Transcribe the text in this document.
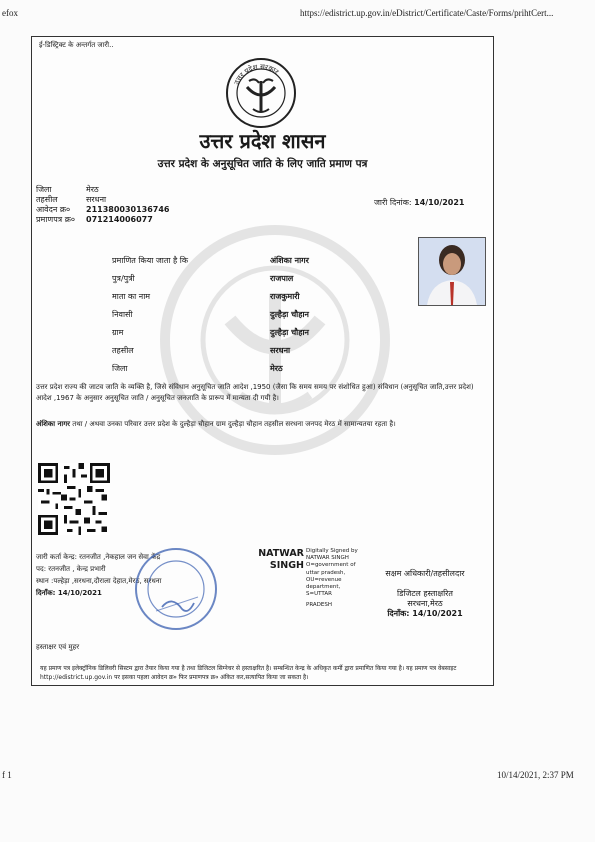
efox	https://edistrict.up.gov.in/eDistrict/Certificate/Caste/Forms/prihtCert...
ई-डिस्ट्रिक्ट के अन्तर्गत जारी..
उत्तर प्रदेश सरकार
उत्तर प्रदेश शासन
उत्तर प्रदेश के अनुसूचित जाति के लिए जाति प्रमाण पत्र
जिला	मेरठ
तहसील	सरधना
आवेदन क्र०	211380030136746
प्रमाणपत्र क्र०	071214006077
जारी दिनांक: 14/10/2021
प्रमाणित किया जाता है कि	अंशिका नागर
पुत्र/पुत्री	राजपाल
माता का नाम	राजकुमारी
निवासी	दुल्हैड़ा चौहान
ग्राम	दुल्हैड़ा चौहान
तहसील	सरधना
जिला	मेरठ
उत्तर प्रदेश राज्य की जाटव जाति के व्यक्ति है, जिसे संविधान अनुसूचित जाति आदेश ,1950 (जैसा कि समय समय पर संशोधित हुआ) संविधान (अनुसूचित जाति,उत्तर प्रदेश) आदेश ,1967 के अनुसार अनुसूचित जाति / अनुसूचित जनजाति के प्रारूप में मान्यता दी गयी है।
अंशिका नागर तथा / अथवा उनका परिवार उत्तर प्रदेश के दुल्हैड़ा चौहान ग्राम दुल्हैड़ा चौहान तहसील सरधना जनपद मेरठ में सामान्यतया रहता है।
जारी कर्ता केन्द्र: रतनजीत ,नेकहाल जन सेवा केंद्र
पद: रतनजीत , केन्द्र प्रभारी
स्थान :पल्हेड़ा ,सरधना,दौराला देहात,मेरठ, सरधना
दिनाँक: 14/10/2021
NATWAR
SINGH
Digitally Signed by
NATWAR SINGH
O=government of
uttar pradesh,
OU=revenue
department,
S=UTTAR
PRADESH
सक्षम अधिकारी/तहसीलदार
डिजिटल हस्ताक्षरित
सरधना,मेरठ
दिनाँक: 14/10/2021
हस्ताक्षर एवं मुहर
यह प्रमाण पत्र इलेक्ट्रॉनिक डिलिवरी सिस्टम द्वारा तैयार किया गया है तथा डिजिटल सिग्नेचर से हस्ताक्षरित है। सम्बन्धित केन्द्र के अधिकृत कर्मी द्वारा प्रमाणित किया गया है। यह प्रमाण पत्र वेबसाइट http://edistrict.up.gov.in पर इसका पहला आवेदन क्र० फिर प्रमाणपत्र क्र० अंकित कर,सत्यापित किया जा सकता है।
f 1	10/14/2021, 2:37 PM
